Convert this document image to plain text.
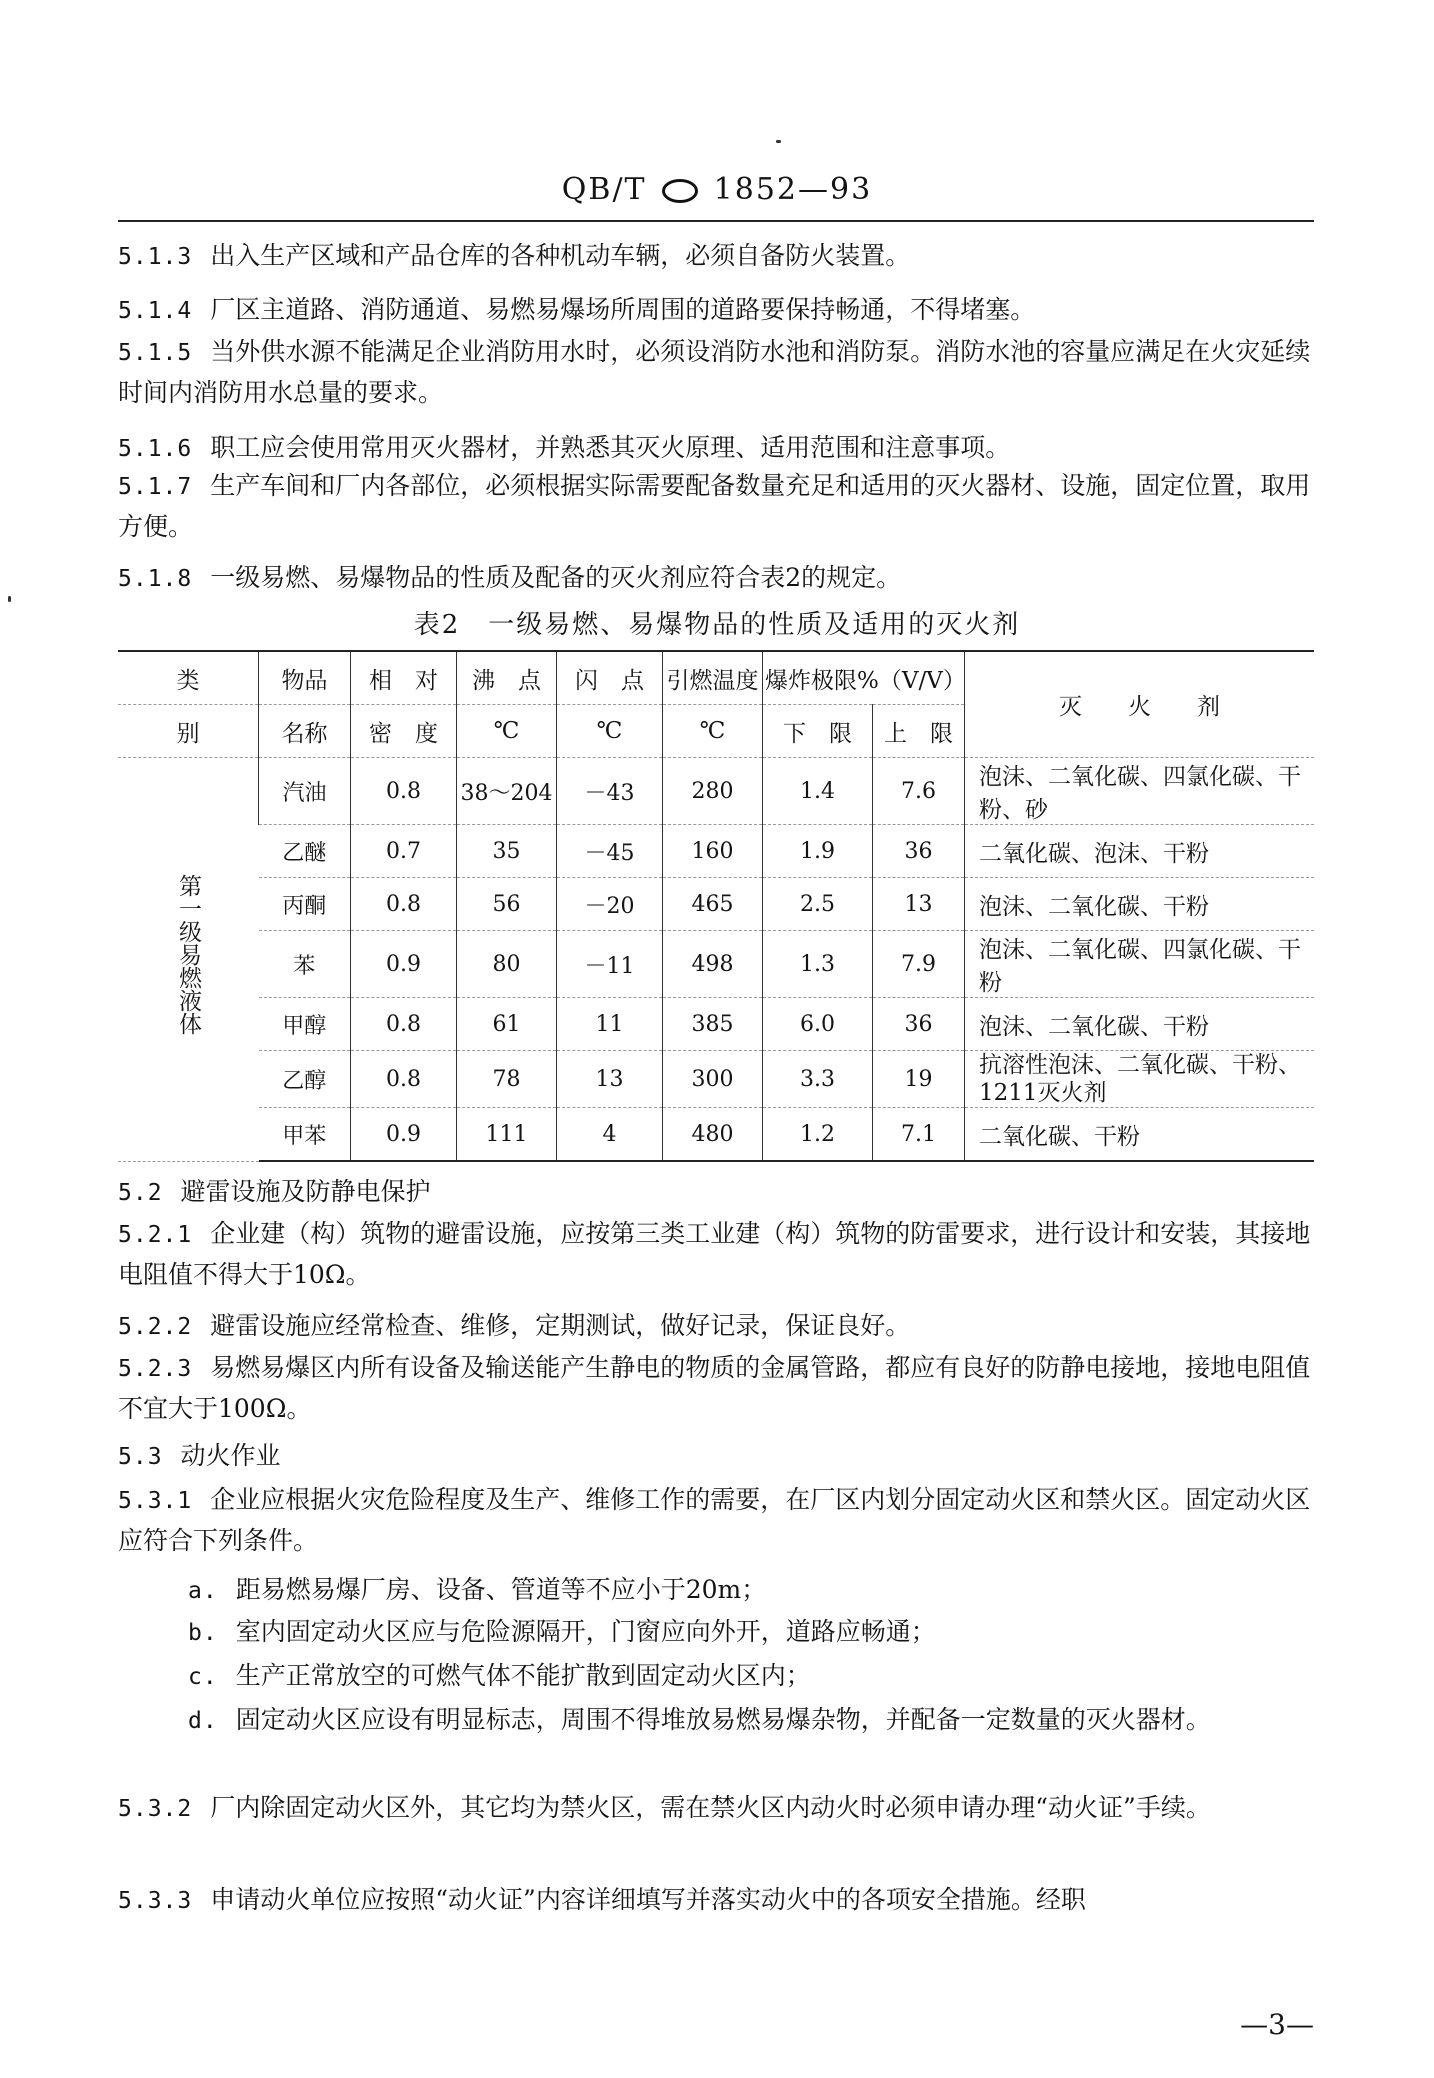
QB/T 1852—93
5.1.3 出入生产区域和产品仓库的各种机动车辆，必须自备防火装置。
5.1.4 厂区主道路、消防通道、易燃易爆场所周围的道路要保持畅通，不得堵塞。
5.1.5 当外供水源不能满足企业消防用水时，必须设消防水池和消防泵。消防水池的容量应满足在火灾延续时间内消防用水总量的要求。
5.1.6 职工应会使用常用灭火器材，并熟悉其灭火原理、适用范围和注意事项。
5.1.7 生产车间和厂内各部位，必须根据实际需要配备数量充足和适用的灭火器材、设施，固定位置，取用方便。
5.1.8 一级易燃、易爆物品的性质及配备的灭火剂应符合表2的规定。
表2　一级易燃、易爆物品的性质及适用的灭火剂
类	物品	相　对	沸　点	闪　点	引燃温度	爆炸极限%（V/V）		灭　　火　　剂
别	名称	密　度	℃	℃	℃	下　限	上　限	
第一级易燃液体	汽油	0.8	38～204	－43	280	1.4	7.6	泡沫、二氧化碳、四氯化碳、干粉、砂
	乙醚	0.7	35	－45	160	1.9	36	二氧化碳、泡沫、干粉
	丙酮	0.8	56	－20	465	2.5	13	泡沫、二氧化碳、干粉
	苯	0.9	80	－11	498	1.3	7.9	泡沫、二氧化碳、四氯化碳、干粉
	甲醇	0.8	61	11	385	6.0	36	泡沫、二氧化碳、干粉
	乙醇	0.8	78	13	300	3.3	19	抗溶性泡沫、二氧化碳、干粉、1211灭火剂
	甲苯	0.9	111	4	480	1.2	7.1	二氧化碳、干粉
5.2 避雷设施及防静电保护
5.2.1 企业建（构）筑物的避雷设施，应按第三类工业建（构）筑物的防雷要求，进行设计和安装，其接地电阻值不得大于10Ω。
5.2.2 避雷设施应经常检查、维修，定期测试，做好记录，保证良好。
5.2.3 易燃易爆区内所有设备及输送能产生静电的物质的金属管路，都应有良好的防静电接地，接地电阻值不宜大于100Ω。
5.3 动火作业
5.3.1 企业应根据火灾危险程度及生产、维修工作的需要，在厂区内划分固定动火区和禁火区。固定动火区应符合下列条件。
a. 距易燃易爆厂房、设备、管道等不应小于20m；
b. 室内固定动火区应与危险源隔开，门窗应向外开，道路应畅通；
c. 生产正常放空的可燃气体不能扩散到固定动火区内；
d. 固定动火区应设有明显标志，周围不得堆放易燃易爆杂物，并配备一定数量的灭火器材。
5.3.2 厂内除固定动火区外，其它均为禁火区，需在禁火区内动火时必须申请办理“动火证”手续。
5.3.3 申请动火单位应按照“动火证”内容详细填写并落实动火中的各项安全措施。经职
—3—
